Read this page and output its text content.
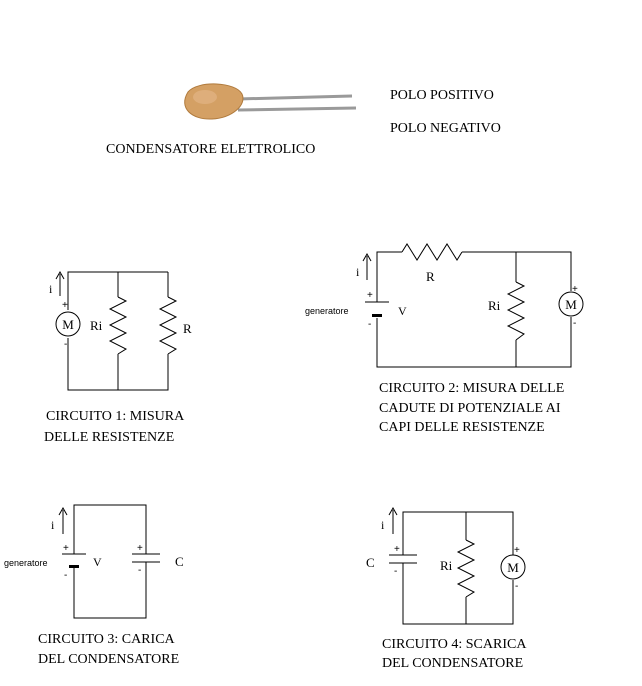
POLO POSITIVO
POLO NEGATIVO
CONDENSATORE ELETTROLICO
i
+
-
M Ri	R
CIRCUITO 1: MISURA
DELLE RESISTENZE
i	R
Ri
generatore
+
-
V
+
-
M
CIRCUITO 2: MISURA DELLE
CADUTE DI POTENZIALE AI
CAPI DELLE RESISTENZE
i
generatore
+
-
V
+
-
C
CIRCUITO 3: CARICA
DEL CONDENSATORE
i
C
+
-	Ri
+
-
M
CIRCUITO 4: SCARICA
DEL CONDENSATORE
